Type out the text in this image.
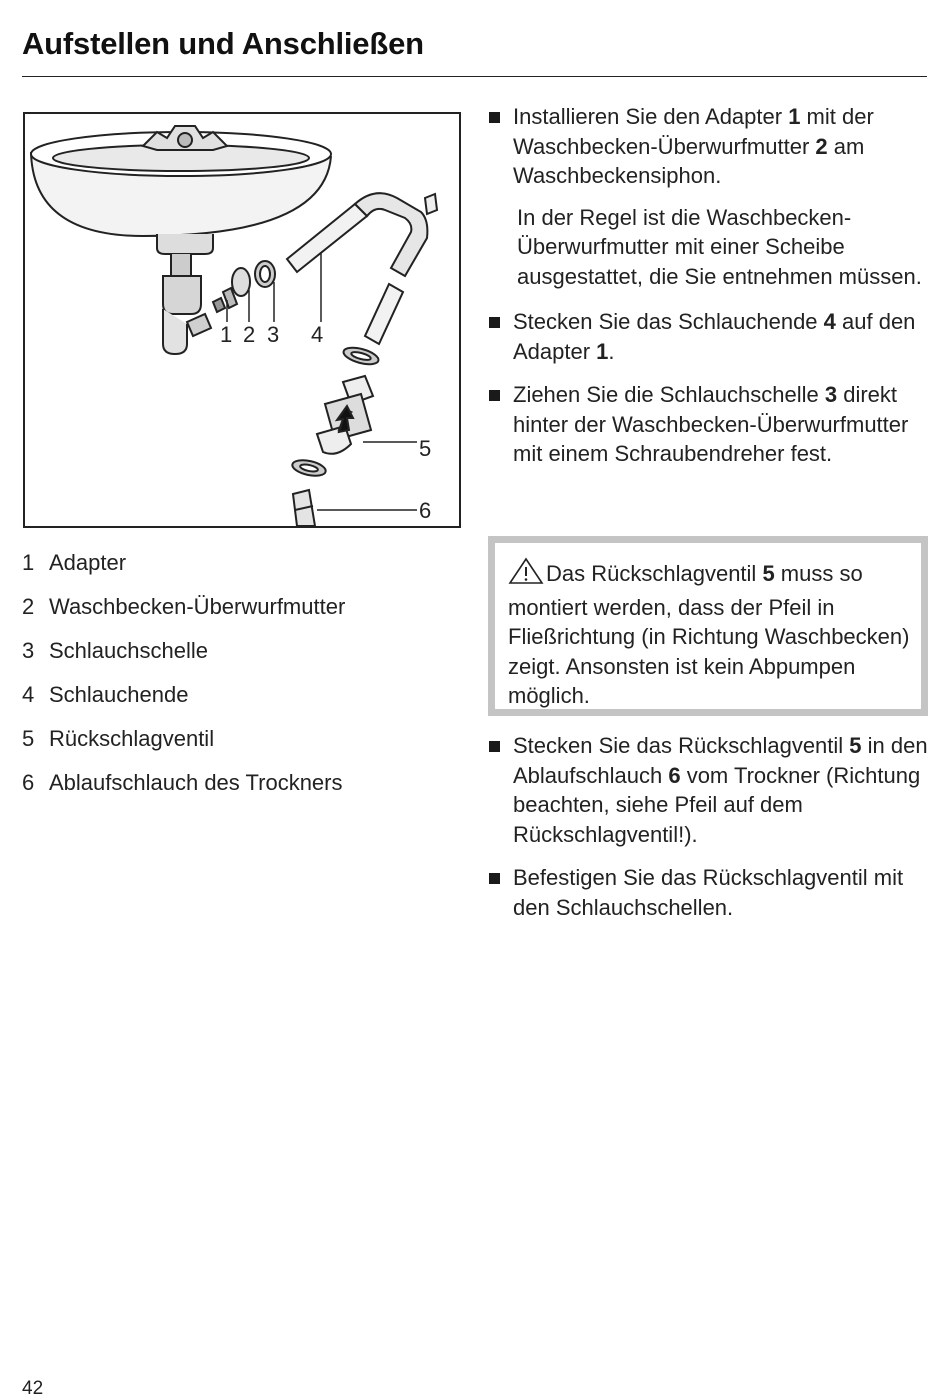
Aufstellen und Anschließen
1 2 3 4
5
6
1 Adapter
2 Waschbecken-Überwurfmutter
3 Schlauchschelle
4 Schlauchende
5 Rückschlagventil
6 Ablaufschlauch des Trockners
Installieren Sie den Adapter 1 mit der Waschbecken-Überwurfmutter 2 am Waschbeckensiphon.
In der Regel ist die Waschbecken-Überwurfmutter mit einer Scheibe ausgestattet, die Sie entnehmen müssen.
Stecken Sie das Schlauchende 4 auf den Adapter 1.
Ziehen Sie die Schlauchschelle 3 direkt hinter der Waschbecken-Überwurfmutter mit einem Schraubendreher fest.
Das Rückschlagventil 5 muss so montiert werden, dass der Pfeil in Fließrichtung (in Richtung Waschbecken) zeigt. Ansonsten ist kein Abpumpen möglich.
Stecken Sie das Rückschlagventil 5 in den Ablaufschlauch 6 vom Trockner (Richtung beachten, siehe Pfeil auf dem Rückschlagventil!).
Befestigen Sie das Rückschlagventil mit den Schlauchschellen.
42
